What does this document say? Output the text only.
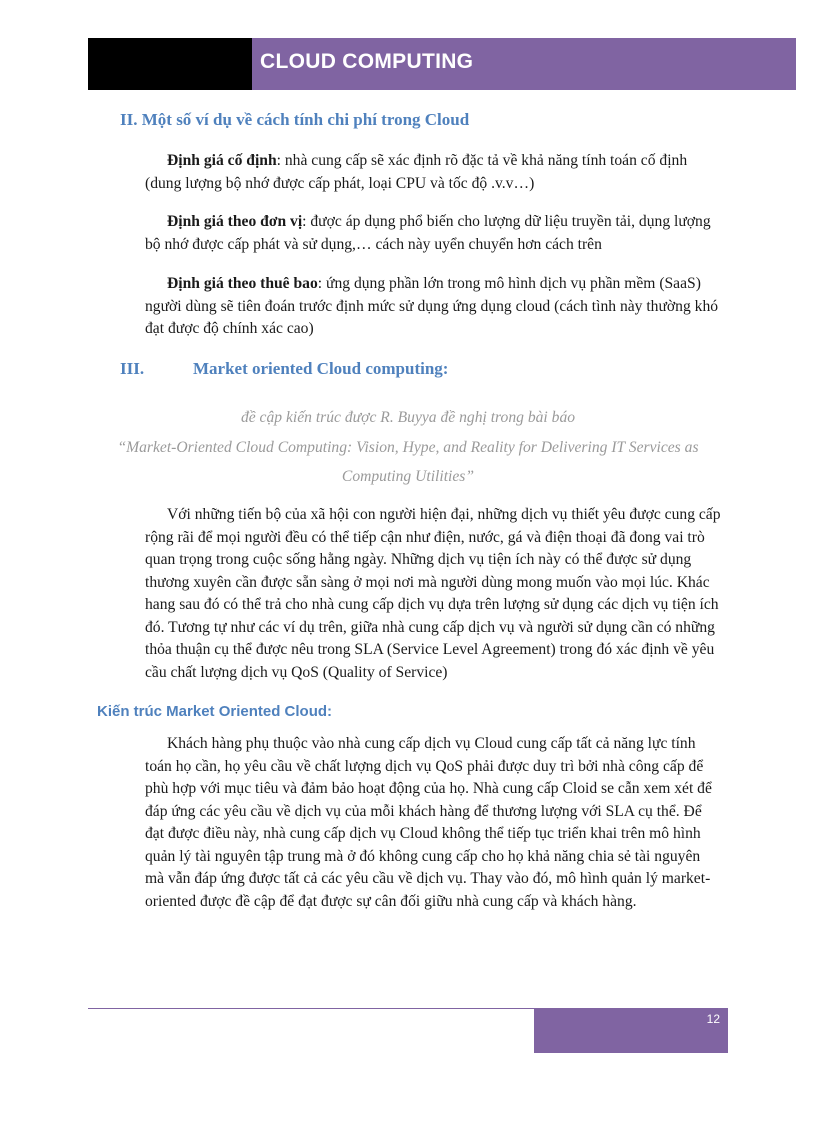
CLOUD COMPUTING
II. Một số ví dụ về cách tính chi phí trong Cloud

Định giá cố định: nhà cung cấp sẽ xác định rõ đặc tả về khả năng tính toán cố định (dung lượng bộ nhớ được cấp phát, loại CPU và tốc độ .v.v…)

Định giá theo đơn vị: được áp dụng phổ biến cho lượng dữ liệu truyền tải, dụng lượng bộ nhớ được cấp phát và sử dụng,… cách này uyển chuyển hơn cách trên

Định giá theo thuê bao: ứng dụng phần lớn trong mô hình dịch vụ phần mềm (SaaS) người dùng sẽ tiên đoán trước định mức sử dụng ứng dụng cloud (cách tình này thường khó đạt được độ chính xác cao)

III.	Market oriented Cloud computing:
đề cập kiến trúc được R. Buyya đề nghị trong bài báo
“Market-Oriented Cloud Computing: Vision, Hype, and Reality for Delivering IT Services as
Computing Utilities”

Với những tiến bộ của xã hội con người hiện đại, những dịch vụ thiết yêu được cung cấp rộng rãi để mọi người đều có thể tiếp cận như điện, nước, gá và điện thoại đã đong vai trò quan trọng trong cuộc sống hằng ngày. Những dịch vụ tiện ích này có thể được sử dụng thương xuyên cần được sẵn sàng ở mọi nơi mà người dùng mong muốn vào mọi lúc. Khác hang sau đó có thể trả cho nhà cung cấp dịch vụ dựa trên lượng sử dụng các dịch vụ tiện ích đó. Tương tự như các ví dụ trên, giữa nhà cung cấp dịch vụ và người sử dụng cần có những thỏa thuận cụ thể được nêu trong SLA (Service Level Agreement) trong đó xác định về yêu cầu chất lượng dịch vụ QoS (Quality of Service)

Kiến trúc Market Oriented Cloud:

Khách hàng phụ thuộc vào nhà cung cấp dịch vụ Cloud cung cấp tất cả năng lực tính toán họ cần, họ yêu cầu về chất lượng dịch vụ QoS phải được duy trì bởi nhà công cấp để phù hợp với mục tiêu và đảm bảo hoạt động của họ. Nhà cung cấp Cloid se cẫn xem xét để đáp ứng các yêu cầu về dịch vụ của mỗi khách hàng để thương lượng với SLA cụ thể. Để đạt được điều này, nhà cung cấp dịch vụ Cloud không thể tiếp tục triển khai trên mô hình quản lý tài nguyên tập trung mà ở đó không cung cấp cho họ khả năng chia sẻ tài nguyên mà vẫn đáp ứng được tất cả các yêu cầu về dịch vụ. Thay vào đó, mô hình quản lý market-oriented được đề cập để đạt được sự cân đối giữu nhà cung cấp và khách hàng.

12
